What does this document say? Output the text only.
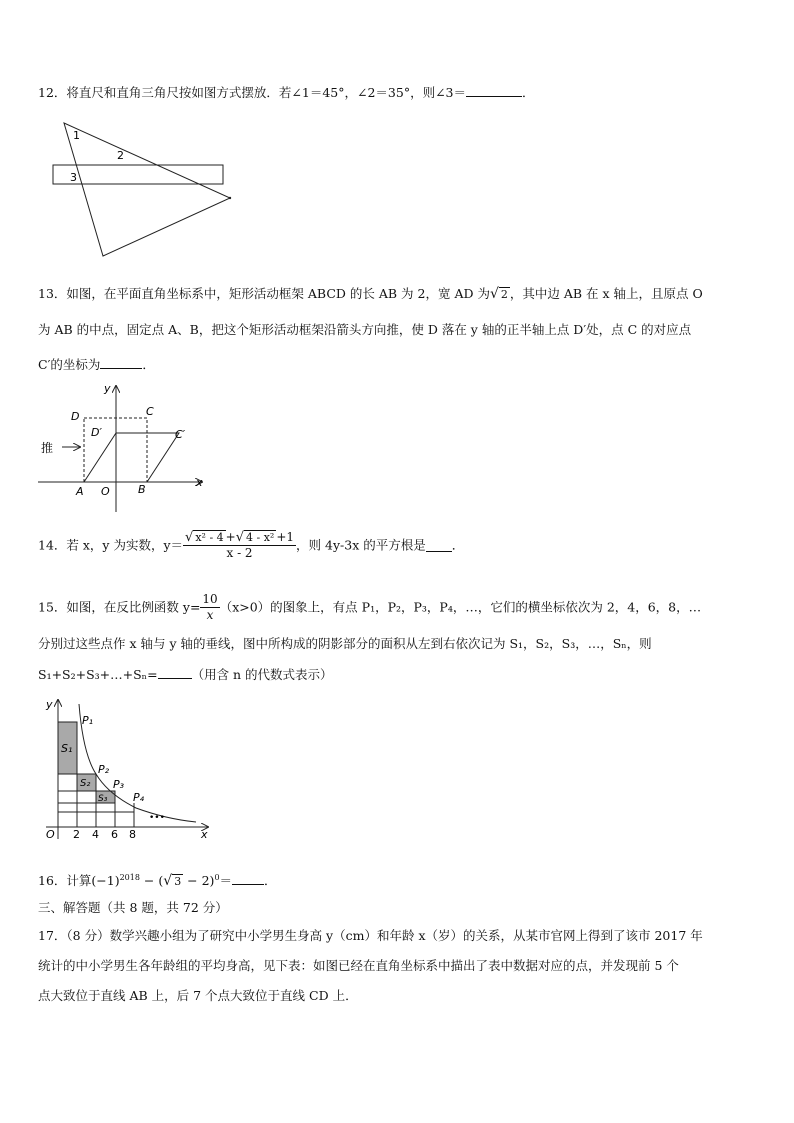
12．将直尺和直角三角尺按如图方式摆放．若∠1＝45°，∠2＝35°，则∠3＝	．
1
2
3
13．如图，在平面直角坐标系中，矩形活动框架 ABCD 的长 AB 为 2，宽 AD 为√ 2 ，其中边 AB 在 x 轴上，且原点 O
为 AB 的中点，固定点 A、B，把这个矩形活动框架沿箭头方向推，使 D 落在 y 轴的正半轴上点 D′处，点 C 的对应点
C′的坐标为	．
y
x
D	C
D′	C′
推
A O	B
14．若 x，y 为实数，$y= \frac{\text{√ x² - 4 +√ 4 - x² +1}}{x - 2}$ ，则 4y-3x 的平方根是 ．
15．如图，在反比例函数 $y= \frac{10}{x} (x>0)$的图象上，有点 P₁，P₂，P₃，P₄，…，它们的横坐标依次为 2，4，6，8，…
分别过这些点作 x 轴与 y 轴的垂线，图中所构成的阴影部分的面积从左到右依次记为 S₁，S₂，S₃，…，Sₙ，则
S₁+S₂+S₃+…+Sₙ=	（用含 n 的代数式表示）
y
x
O 2 4 6 8
P₁
P₂
P₃
P₄
S₁
S₂
S₃
•••
16．计算$(-1)^{2018}$ − (√ 3 − 2)$^0$＝	．
三、解答题（共 8 题，共 72 分）
17．（8 分）数学兴趣小组为了研究中小学男生身高 y（cm）和年龄 x（岁）的关系，从某市官网上得到了该市 2017 年
统计的中小学男生各年龄组的平均身高，见下表：如图已经在直角坐标系中描出了表中数据对应的点，并发现前 5 个
点大致位于直线 AB 上，后 7 个点大致位于直线 CD 上．
